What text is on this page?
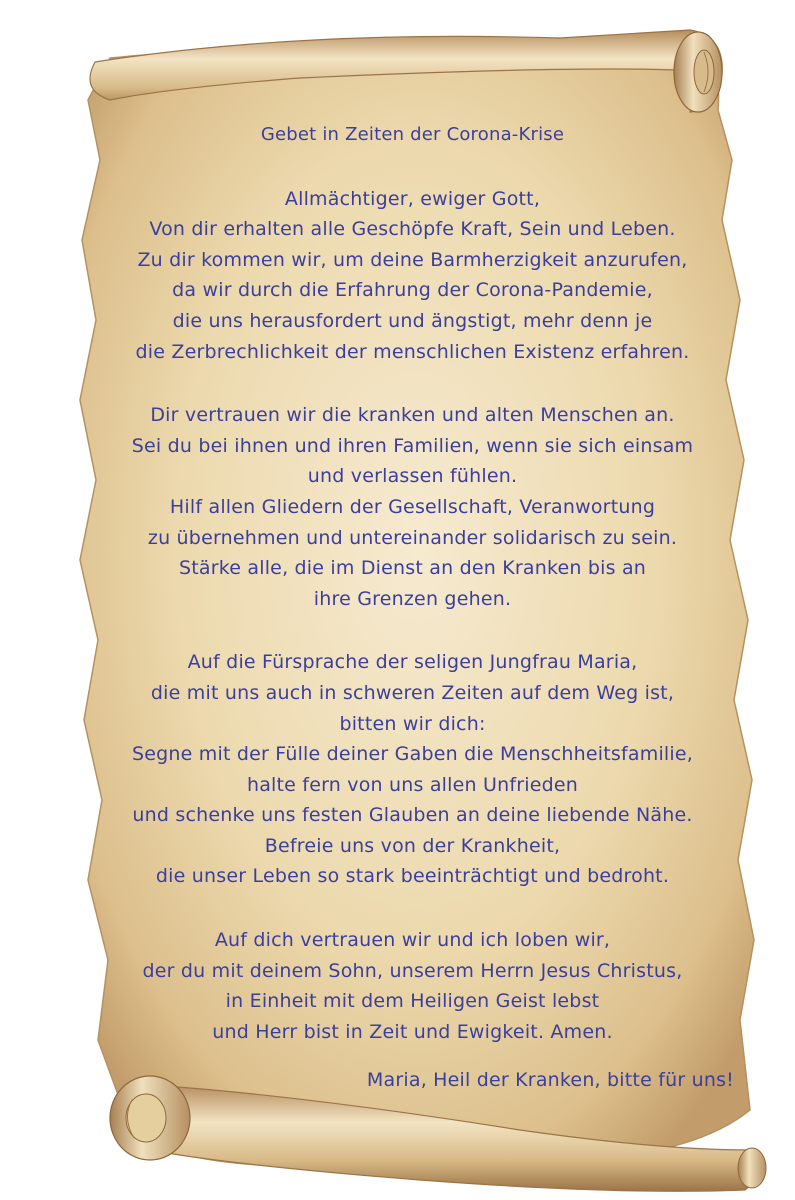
Gebet in Zeiten der Corona-Krise
Allmächtiger, ewiger Gott,
Von dir erhalten alle Geschöpfe Kraft, Sein und Leben.
Zu dir kommen wir, um deine Barmherzigkeit anzurufen,
da wir durch die Erfahrung der Corona-Pandemie,
die uns herausfordert und ängstigt, mehr denn je
die Zerbrechlichkeit der menschlichen Existenz erfahren.
Dir vertrauen wir die kranken und alten Menschen an.
Sei du bei ihnen und ihren Familien, wenn sie sich einsam
und verlassen fühlen.
Hilf allen Gliedern der Gesellschaft, Veranwortung
zu übernehmen und untereinander solidarisch zu sein.
Stärke alle, die im Dienst an den Kranken bis an
ihre Grenzen gehen.
Auf die Fürsprache der seligen Jungfrau Maria,
die mit uns auch in schweren Zeiten auf dem Weg ist,
bitten wir dich:
Segne mit der Fülle deiner Gaben die Menschheitsfamilie,
halte fern von uns allen Unfrieden
und schenke uns festen Glauben an deine liebende Nähe.
Befreie uns von der Krankheit,
die unser Leben so stark beeinträchtigt und bedroht.
Auf dich vertrauen wir und ich loben wir,
der du mit deinem Sohn, unserem Herrn Jesus Christus,
in Einheit mit dem Heiligen Geist lebst
und Herr bist in Zeit und Ewigkeit. Amen.
Maria, Heil der Kranken, bitte für uns!
